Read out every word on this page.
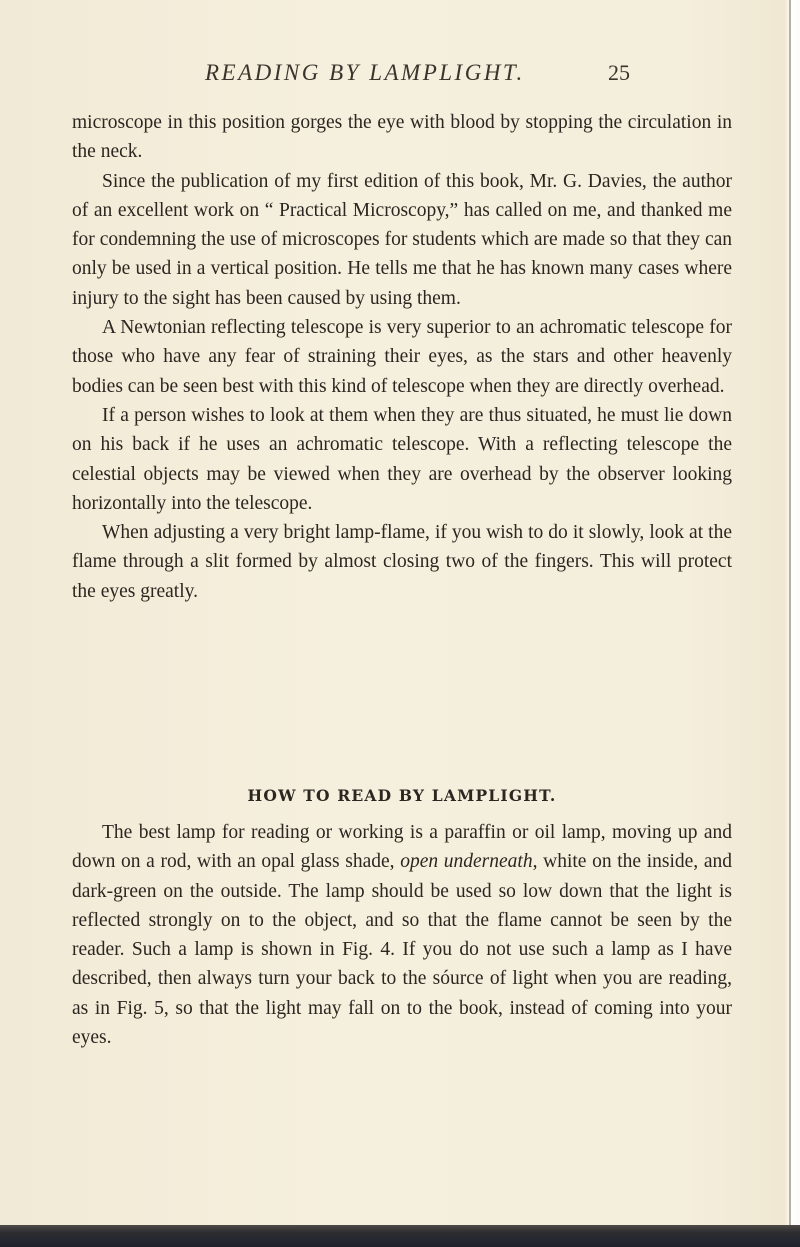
READING BY LAMPLIGHT.	25

microscope in this position gorges the eye with blood by stopping the circulation in the neck.

Since the publication of my first edition of this book, Mr. G. Davies, the author of an excellent work on “ Practical Microscopy,” has called on me, and thanked me for condemning the use of microscopes for students which are made so that they can only be used in a vertical position. He tells me that he has known many cases where injury to the sight has been caused by using them.

A Newtonian reflecting telescope is very superior to an achromatic telescope for those who have any fear of straining their eyes, as the stars and other heavenly bodies can be seen best with this kind of telescope when they are directly overhead.

If a person wishes to look at them when they are thus situated, he must lie down on his back if he uses an achromatic telescope. With a reflecting telescope the celestial objects may be viewed when they are overhead by the observer looking horizontally into the telescope.

When adjusting a very bright lamp-flame, if you wish to do it slowly, look at the flame through a slit formed by almost closing two of the fingers. This will protect the eyes greatly.

HOW TO READ BY LAMPLIGHT.

The best lamp for reading or working is a paraffin or oil lamp, moving up and down on a rod, with an opal glass shade, open underneath, white on the inside, and dark-green on the outside. The lamp should be used so low down that the light is reflected strongly on to the object, and so that the flame cannot be seen by the reader. Such a lamp is shown in Fig. 4. If you do not use such a lamp as I have described, then always turn your back to the sóurce of light when you are reading, as in Fig. 5, so that the light may fall on to the book, instead of coming into your eyes.
